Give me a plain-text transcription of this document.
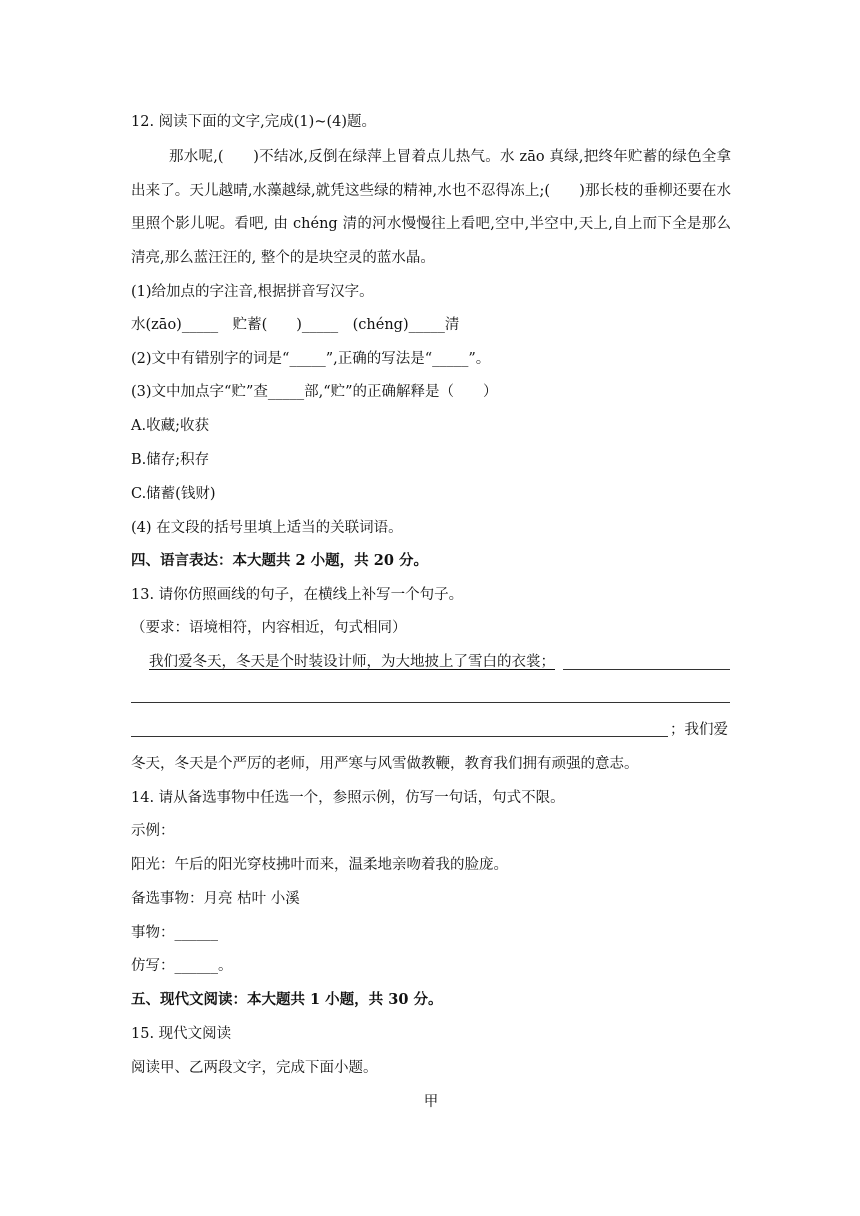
12. 阅读下面的文字,完成(1)~(4)题。
那水呢,(　　)不结冰,反倒在绿萍上冒着点儿热气。水 zāo 真绿,把终年贮蓄的绿色全拿出来了。天儿越晴,水藻越绿,就凭这些绿的精神,水也不忍得冻上;(　　)那长枝的垂柳还要在水里照个影儿呢。看吧, 由 chéng 清的河水慢慢往上看吧,空中,半空中,天上,自上而下全是那么清亮,那么蓝汪汪的, 整个的是块空灵的蓝水晶。
(1)给加点的字注音,根据拼音写汉字。
水(zāo)_____　贮蓄(　　)_____　(chéng)_____清
(2)文中有错别字的词是“_____”,正确的写法是“_____”。
(3)文中加点字“贮”查_____部,“贮”的正确解释是（　　）
A.收藏;收获
B.储存;积存
C.储蓄(钱财)
(4) 在文段的括号里填上适当的关联词语。
四、语言表达：本大题共 2 小题，共 20 分。
13. 请你仿照画线的句子，在横线上补写一个句子。
（要求：语境相符，内容相近，句式相同）
我们爱冬天，冬天是个时装设计师，为大地披上了雪白的衣裳；
；我们爱
冬天，冬天是个严厉的老师，用严寒与风雪做教鞭，教育我们拥有顽强的意志。
14. 请从备选事物中任选一个，参照示例，仿写一句话，句式不限。
示例：
阳光：午后的阳光穿枝拂叶而来，温柔地亲吻着我的脸庞。
备选事物：月亮 枯叶 小溪
事物：______
仿写：______。
五、现代文阅读：本大题共 1 小题，共 30 分。
15. 现代文阅读
阅读甲、乙两段文字，完成下面小题。
甲
